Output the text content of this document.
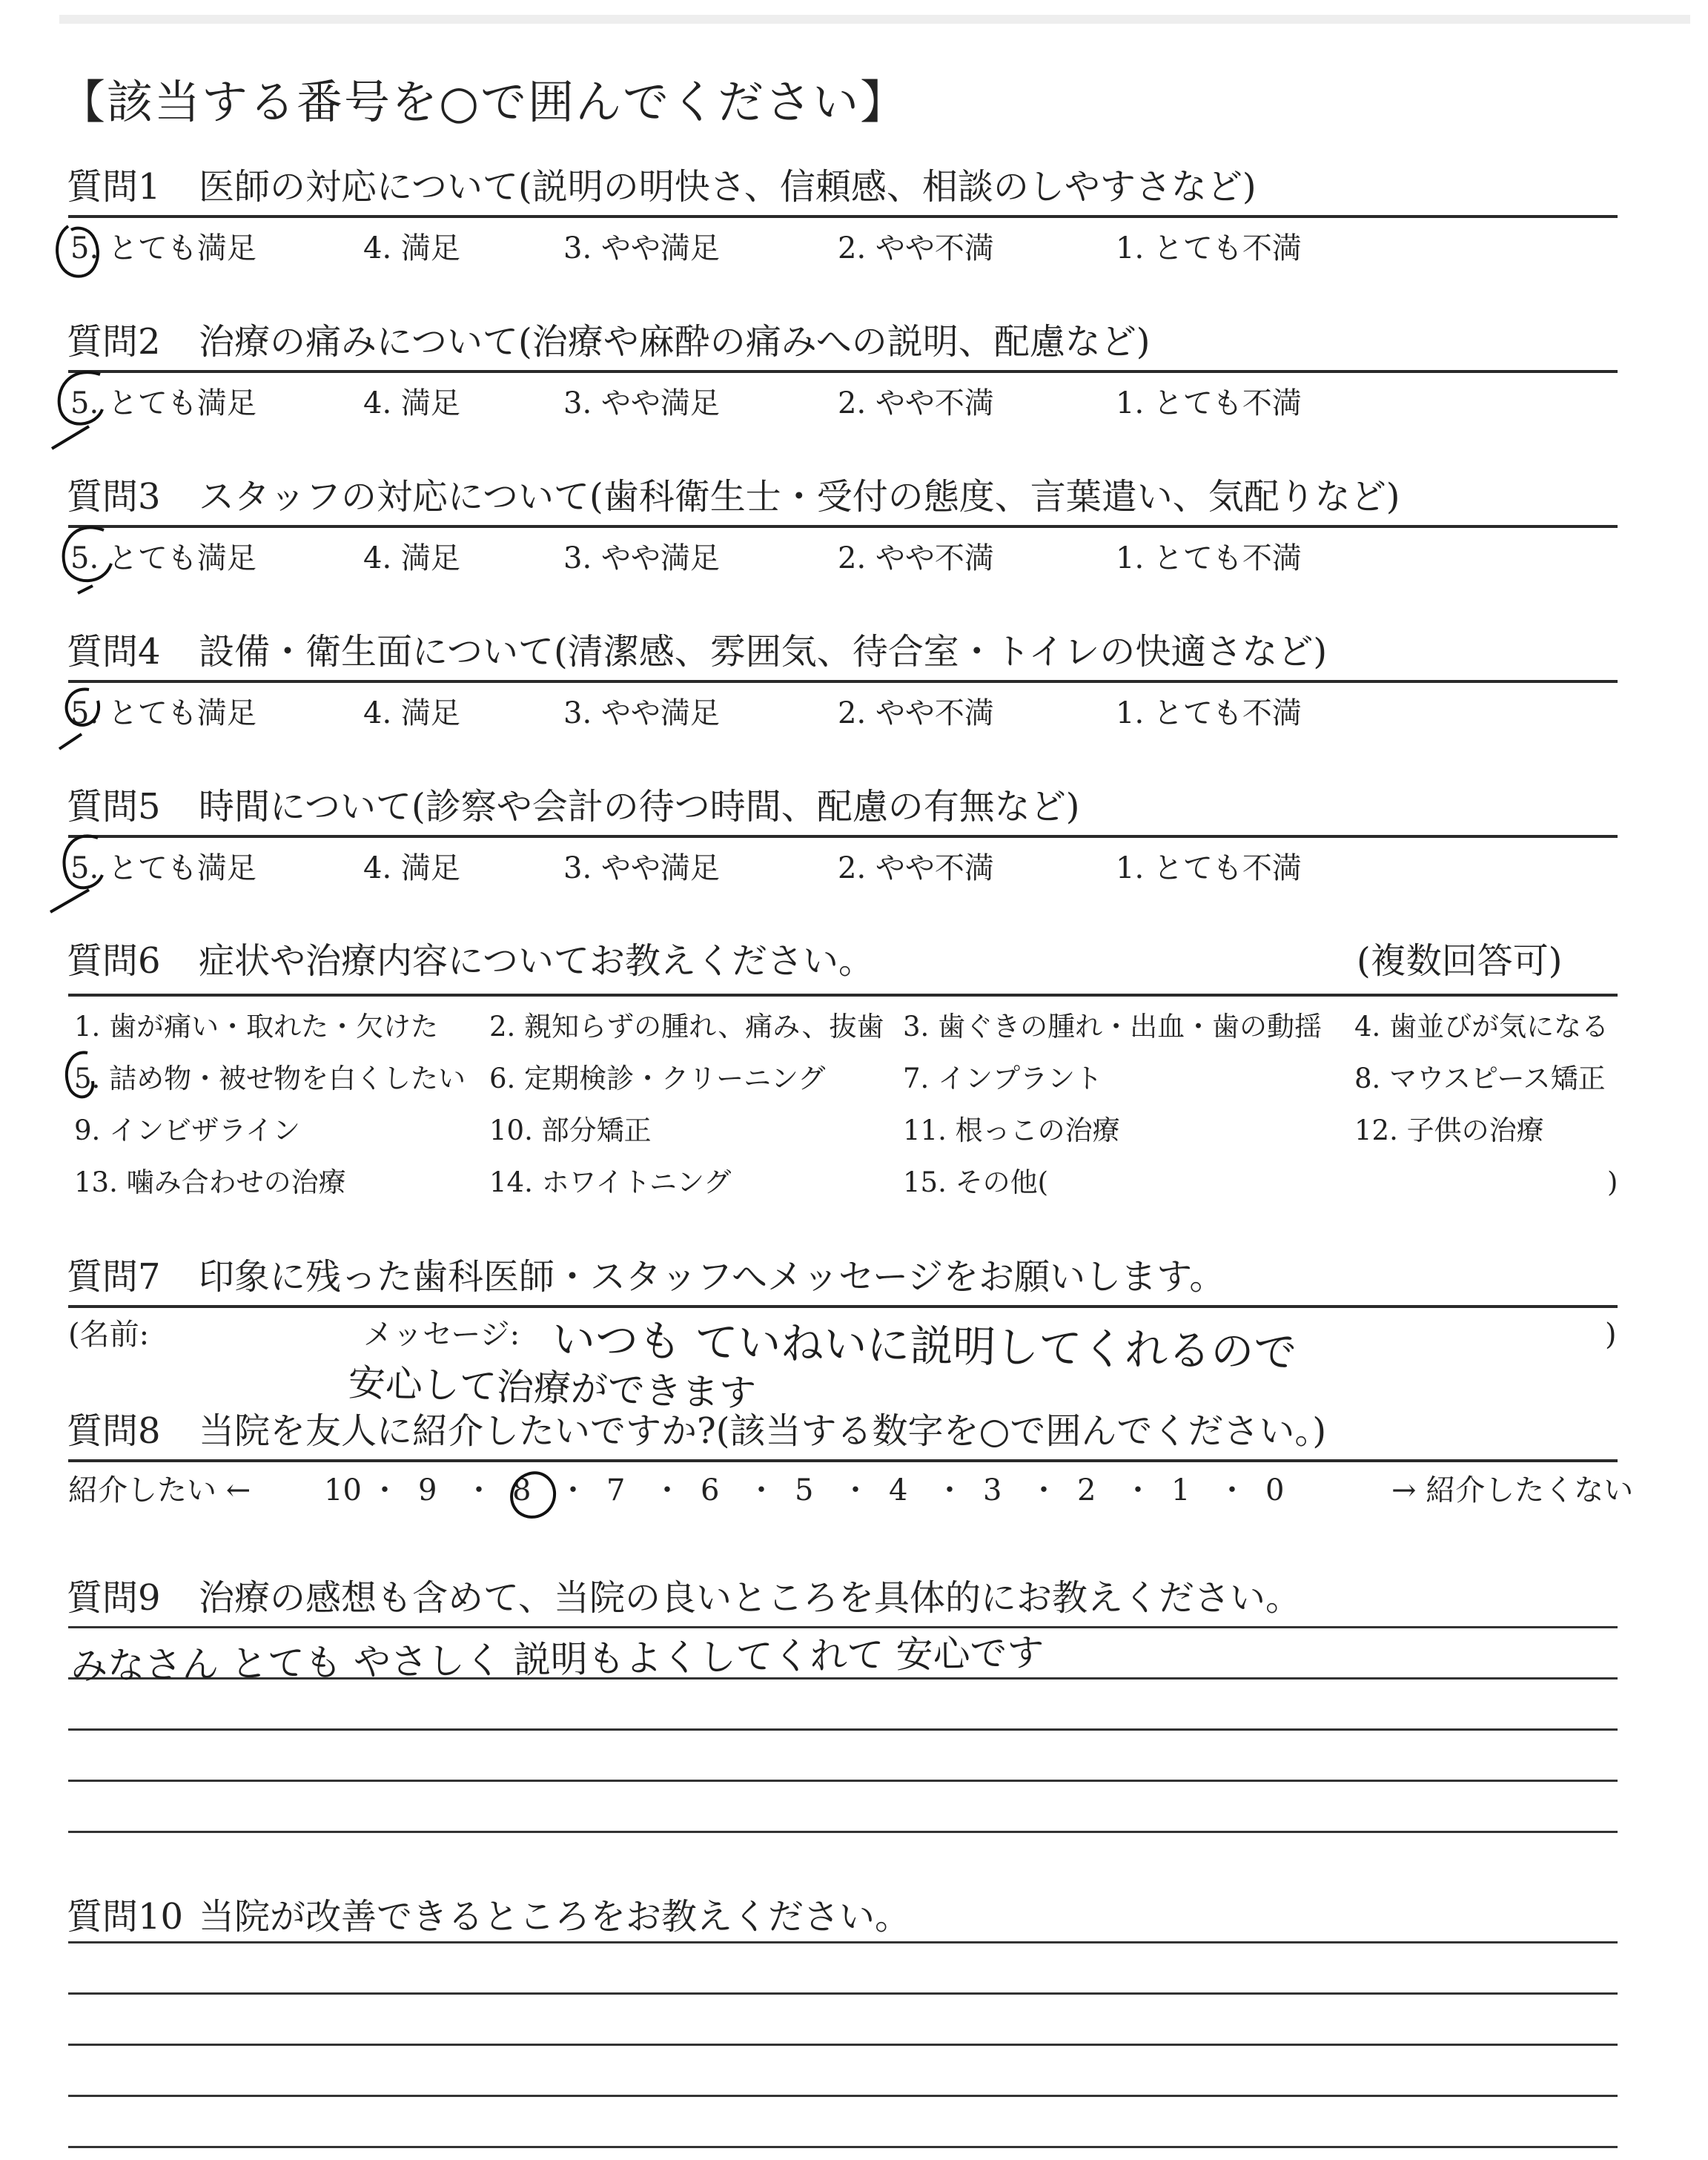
【該当する番号を○で囲んでください】
質問1 医師の対応について(説明の明快さ、信頼感、相談のしやすさなど)
5. とても満足	4. 満足	3. やや満足	2. やや不満	1. とても不満
質問2 治療の痛みについて(治療や麻酔の痛みへの説明、配慮など)
5. とても満足	4. 満足	3. やや満足	2. やや不満	1. とても不満
質問3 スタッフの対応について(歯科衛生士・受付の態度、言葉遣い、気配りなど)
5. とても満足	4. 満足	3. やや満足	2. やや不満	1. とても不満
質問4 設備・衛生面について(清潔感、雰囲気、待合室・トイレの快適さなど)
5. とても満足	4. 満足	3. やや満足	2. やや不満	1. とても不満
質問5 時間について(診察や会計の待つ時間、配慮の有無など)
5. とても満足	4. 満足	3. やや満足	2. やや不満	1. とても不満
質問6 症状や治療内容についてお教えください。	(複数回答可)
1. 歯が痛い・取れた・欠けた 2. 親知らずの腫れ、痛み、抜歯 3. 歯ぐきの腫れ・出血・歯の動揺 4. 歯並びが気になる
5. 詰め物・被せ物を白くしたい 6. 定期検診・クリーニング	7. インプラント	8. マウスピース矯正
9. インビザライン	10. 部分矯正	11. 根っこの治療	12. 子供の治療
13. 噛み合わせの治療	14. ホワイトニング	15. その他(	)
質問7 印象に残った歯科医師・スタッフへメッセージをお願いします。
(名前:	メッセージ:	)
いつも ていねいに説明してくれるので
安心して治療ができます
質問8 当院を友人に紹介したいですか?(該当する数字を○で囲んでください。)
紹介したい ←	→ 紹介したくない
10 ・ 9 ・ 8 ・ 7 ・ 6 ・ 5 ・ 4 ・ 3 ・ 2 ・ 1 ・ 0
質問9 治療の感想も含めて、当院の良いところを具体的にお教えください。
みなさん とても やさしく 説明もよくしてくれて 安心です
質問10 当院が改善できるところをお教えください。
